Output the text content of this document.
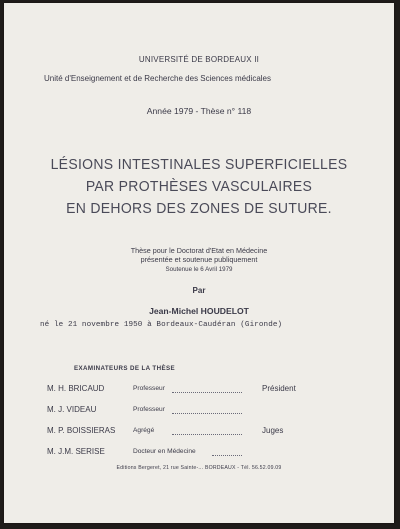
UNIVERSITÉ DE BORDEAUX II
Unité d'Enseignement et de Recherche des Sciences médicales
Année 1979 - Thèse n° 118
LÉSIONS INTESTINALES SUPERFICIELLES
PAR PROTHÈSES VASCULAIRES
EN DEHORS DES ZONES DE SUTURE.
Thèse pour le Doctorat d'Etat en Médecine
présentée et soutenue publiquement
Soutenue le 6 Avril 1979
Par
Jean-Michel HOUDELOT
né le 21 novembre 1950 à Bordeaux-Caudéran (Gironde)
EXAMINATEURS DE LA THÈSE
M. H. BRICAUD	Professeur	Président
M. J. VIDEAU	Professeur
M. P. BOISSIERAS	Agrégé	Juges
M. J.M. SERISE	Docteur en Médecine
Editions Bergeret, 21 rue Sainte-... BORDEAUX - Tél. 56.52.09.09
